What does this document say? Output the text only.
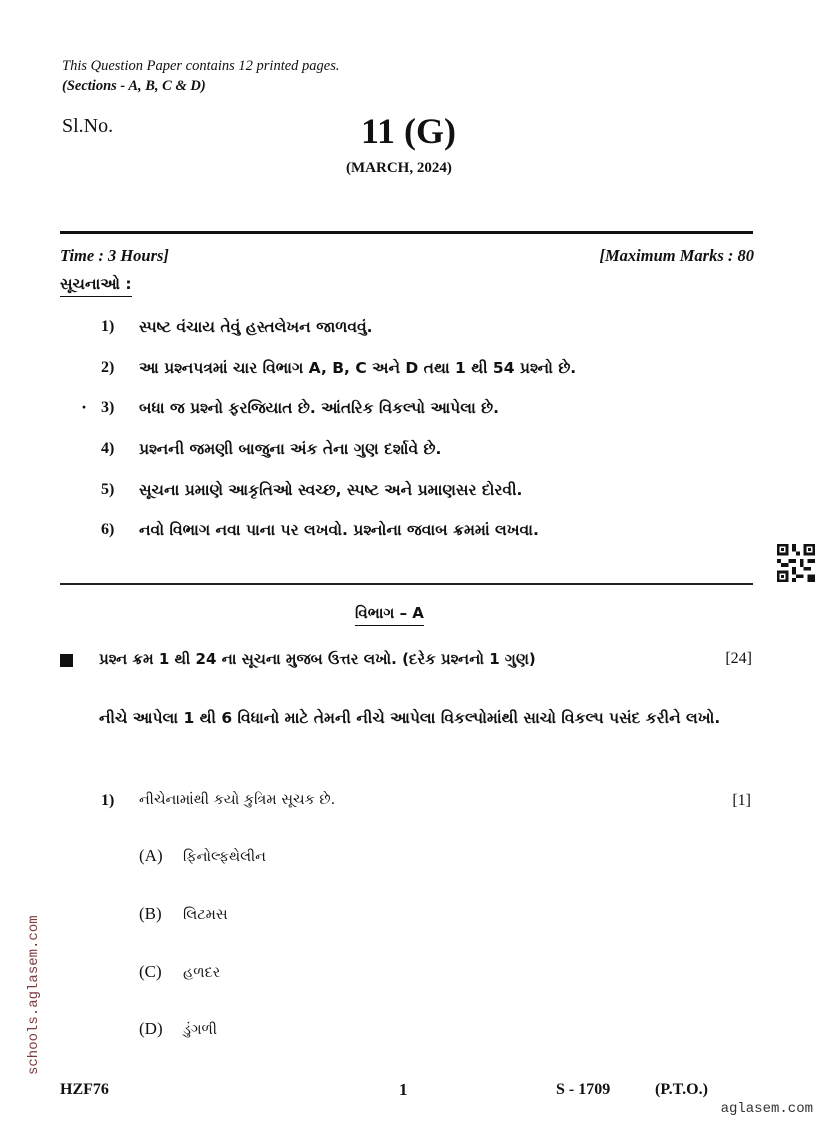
This Question Paper contains 12 printed pages.
(Sections - A, B, C & D)
Sl.No.	11 (G)
(MARCH, 2024)
Time : 3 Hours]	[Maximum Marks : 80
સૂચનાઓ :
·
1)	સ્પષ્ટ વંચાય તેવું હસ્તલેખન જાળવવું.
2)	આ પ્રશ્નપત્રમાં ચાર વિભાગ A, B, C અને D તથા 1 થી 54 પ્રશ્નો છે.
3)	બધા જ પ્રશ્નો ફરજિયાત છે. આંતરિક વિકલ્પો આપેલા છે.
4)	પ્રશ્નની જમણી બાજુના અંક તેના ગુણ દર્શાવે છે.
5)	સૂચના પ્રમાણે આકૃતિઓ સ્વચ્છ, સ્પષ્ટ અને પ્રમાણસર દોરવી.
6)	નવો વિભાગ નવા પાના પર લખવો. પ્રશ્નોના જવાબ ક્રમમાં લખવા.
વિભાગ – A
પ્રશ્ન ક્રમ 1 થી 24 ના સૂચના મુજબ ઉત્તર લખો. (દરેક પ્રશ્નનો 1 ગુણ)	[24]
નીચે આપેલા 1 થી 6 વિધાનો માટે તેમની નીચે આપેલા વિકલ્પોમાંથી સાચો વિકલ્પ પસંદ કરીને લખો.
1) નીચેનામાંથી કયો કુત્રિમ સૂચક છે.	[1]
(A)	ફિનોલ્ફથેલીન
(B)	લિટમસ
(C)	હળદર
(D)	ડુંગળી
HZF76	1	S - 1709	(P.T.O.)
aglasem.com
schools.aglasem.com
